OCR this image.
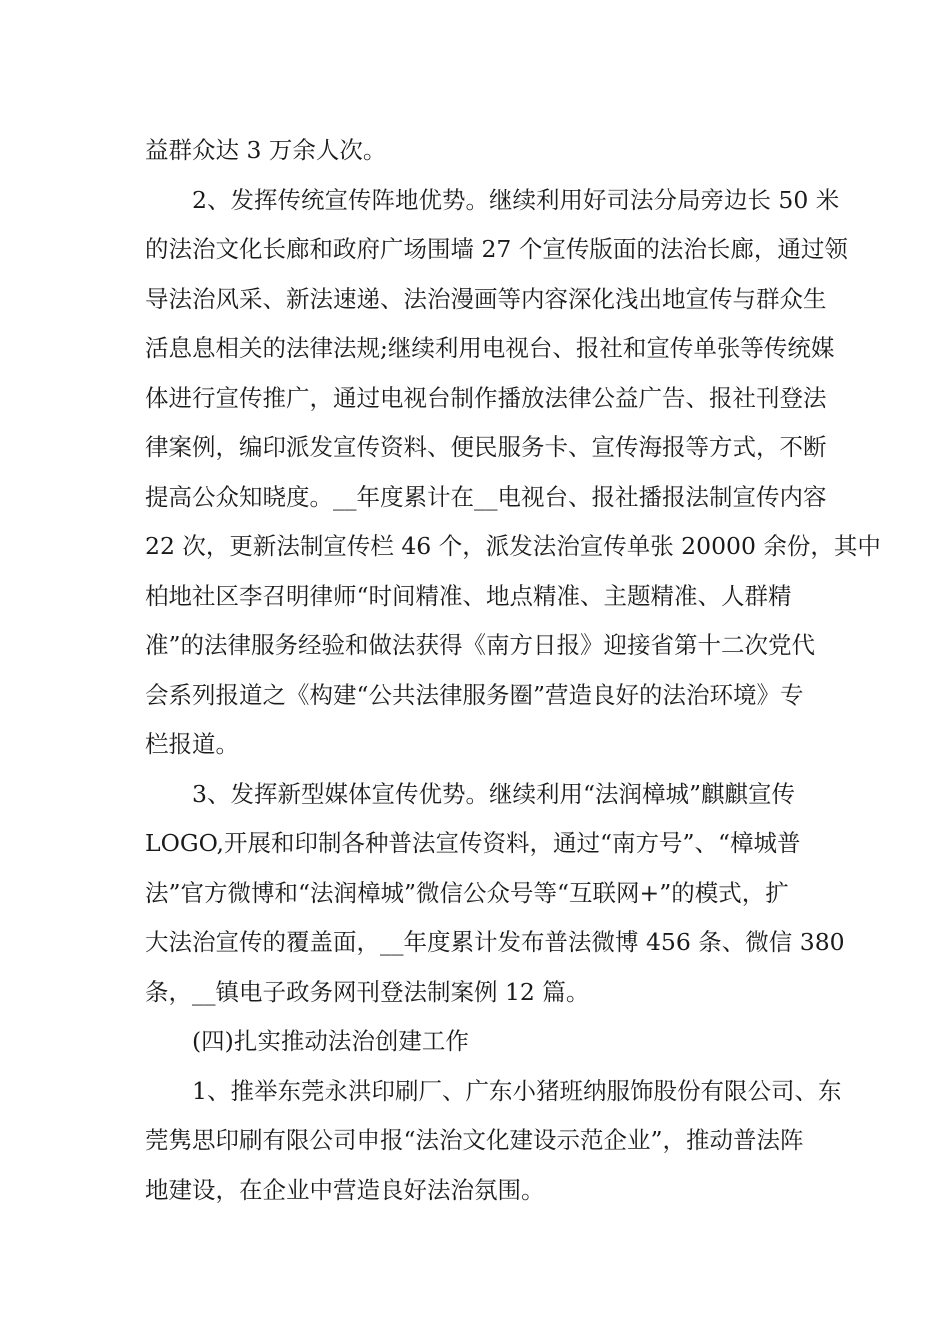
益群众达 3 万余人次。

2、发挥传统宣传阵地优势。继续利用好司法分局旁边长 50 米

的法治文化长廊和政府广场围墙 27 个宣传版面的法治长廊，通过领

导法治风采、新法速递、法治漫画等内容深化浅出地宣传与群众生

活息息相关的法律法规;继续利用电视台、报社和宣传单张等传统媒

体进行宣传推广，通过电视台制作播放法律公益广告、报社刊登法

律案例，编印派发宣传资料、便民服务卡、宣传海报等方式，不断

提高公众知晓度。__年度累计在__电视台、报社播报法制宣传内容

22 次，更新法制宣传栏 46 个，派发法治宣传单张 20000 余份，其中

柏地社区李召明律师“时间精准、地点精准、主题精准、人群精

准”的法律服务经验和做法获得《南方日报》迎接省第十二次党代

会系列报道之《构建“公共法律服务圈”营造良好的法治环境》专

栏报道。

3、发挥新型媒体宣传优势。继续利用“法润樟城”麒麒宣传

LOGO,开展和印制各种普法宣传资料，通过“南方号”、“樟城普

法”官方微博和“法润樟城”微信公众号等“互联网+”的模式，扩

大法治宣传的覆盖面，__年度累计发布普法微博 456 条、微信 380

条，__镇电子政务网刊登法制案例 12 篇。

(四)扎实推动法治创建工作

1、推举东莞永洪印刷厂、广东小猪班纳服饰股份有限公司、东

莞隽思印刷有限公司申报“法治文化建设示范企业”，推动普法阵

地建设，在企业中营造良好法治氛围。
